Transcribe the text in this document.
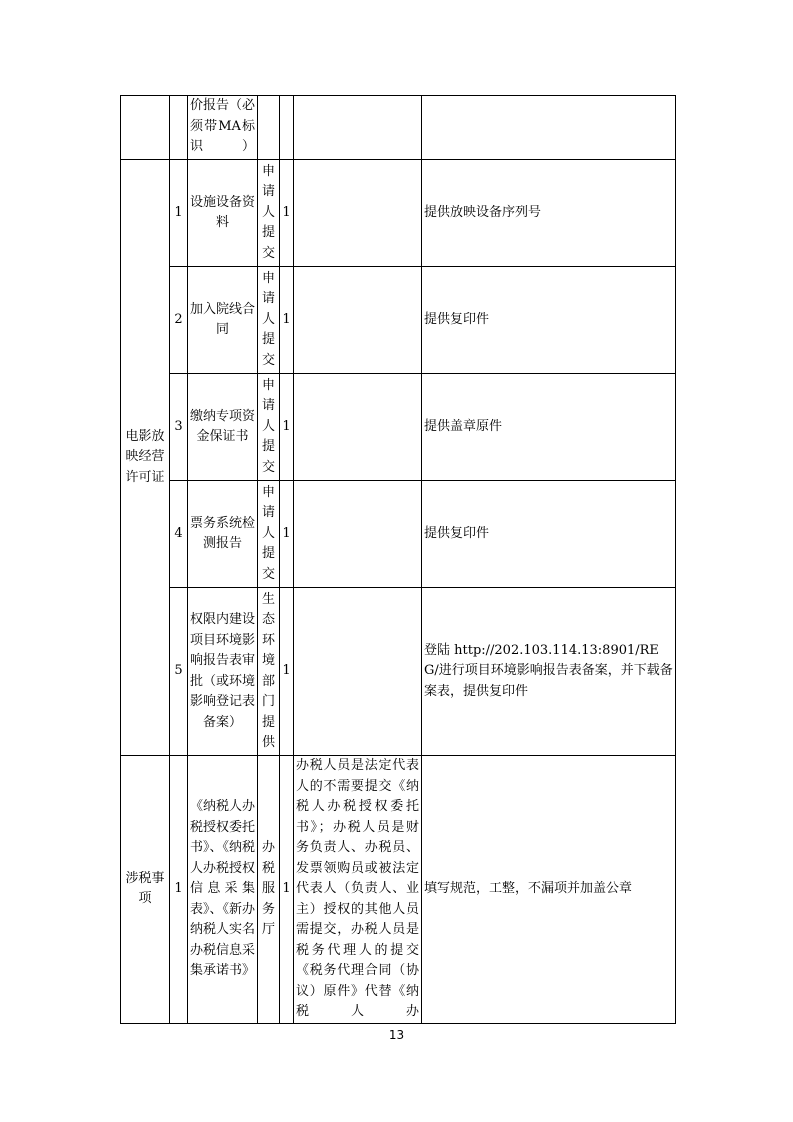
		价报告（必须带MA标识）				
电影放映经营许可证	1	设施设备资料	申请人提交	1		提供放映设备序列号
	2	加入院线合同	申请人提交	1		提供复印件
	3	缴纳专项资金保证书	申请人提交	1		提供盖章原件
	4	票务系统检测报告	申请人提交	1		提供复印件
	5	权限内建设项目环境影响报告表审批（或环境影响登记表备案）	生态环境部门提供	1		登陆 http://202.103.114.13:8901/REG/进行项目环境影响报告表备案，并下载备案表，提供复印件
涉税事项	1	《纳税人办税授权委托书》、《纳税人办税授权信息采集表》、《新办纳税人实名办税信息采集承诺书》	办税服务厅	1	办税人员是法定代表人的不需要提交《纳税人办税授权委托书》；办税人员是财务负责人、办税员、发票领购员或被法定代表人（负责人、业主）授权的其他人员需提交，办税人员是税务代理人的提交《税务代理合同（协议）原件》代替《纳税人办	填写规范，工整，不漏项并加盖公章
13
